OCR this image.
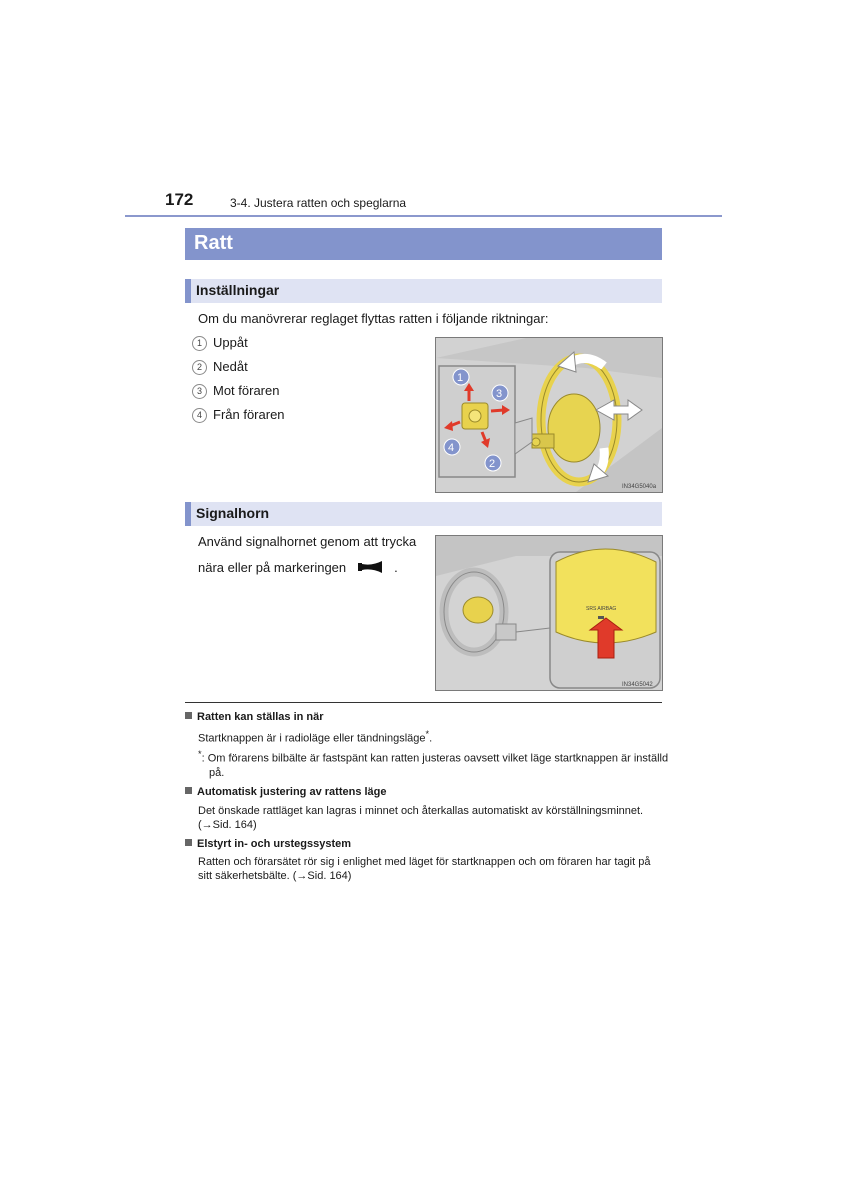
172	3-4. Justera ratten och speglarna
Ratt
Inställningar
Om du manövrerar reglaget flyttas ratten i följande riktningar:
1 Uppåt
2 Nedåt
3 Mot föraren
4 Från föraren
1
2
3
4
IN34G5040a
Signalhorn
Använd signalhornet genom att trycka
nära eller på markeringen	.
SRS AIRBAG
IN34G5042
Ratten kan ställas in när
Startknappen är i radioläge eller tändningsläge*.
*: Om förarens bilbälte är fastspänt kan ratten justeras oavsett vilket läge startknappen är inställd på.
Automatisk justering av rattens läge
Det önskade rattläget kan lagras i minnet och återkallas automatiskt av körställningsminnet. (→Sid. 164)
Elstyrt in- och urstegssystem
Ratten och förarsätet rör sig i enlighet med läget för startknappen och om föraren har tagit på sitt säkerhetsbälte. (→Sid. 164)
